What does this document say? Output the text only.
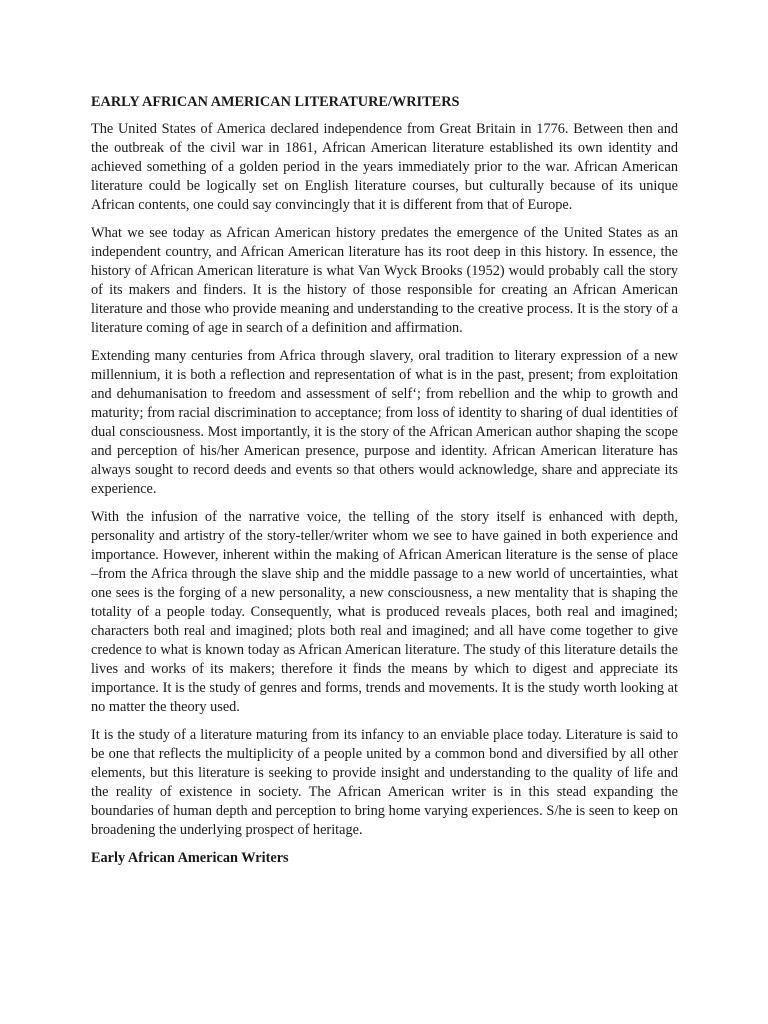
EARLY AFRICAN AMERICAN LITERATURE/WRITERS
The United States of America declared independence from Great Britain in 1776. Between then and the outbreak of the civil war in 1861, African American literature established its own identity and achieved something of a golden period in the years immediately prior to the war. African American literature could be logically set on English literature courses, but culturally because of its unique African contents, one could say convincingly that it is different from that of Europe.
What we see today as African American history predates the emergence of the United States as an independent country, and African American literature has its root deep in this history. In essence, the history of African American literature is what Van Wyck Brooks (1952) would probably call the story of its makers and finders. It is the history of those responsible for creating an African American literature and those who provide meaning and understanding to the creative process. It is the story of a literature coming of age in search of a definition and affirmation.
Extending many centuries from Africa through slavery, oral tradition to literary expression of a new millennium, it is both a reflection and representation of what is in the past, present; from exploitation and dehumanisation to freedom and assessment of self‘; from rebellion and the whip to growth and maturity; from racial discrimination to acceptance; from loss of identity to sharing of dual identities of dual consciousness. Most importantly, it is the story of the African American author shaping the scope and perception of his/her American presence, purpose and identity. African American literature has always sought to record deeds and events so that others would acknowledge, share and appreciate its experience.
With the infusion of the narrative voice, the telling of the story itself is enhanced with depth, personality and artistry of the story-teller/writer whom we see to have gained in both experience and importance. However, inherent within the making of African American literature is the sense of place –from the Africa through the slave ship and the middle passage to a new world of uncertainties, what one sees is the forging of a new personality, a new consciousness, a new mentality that is shaping the totality of a people today. Consequently, what is produced reveals places, both real and imagined; characters both real and imagined; plots both real and imagined; and all have come together to give credence to what is known today as African American literature. The study of this literature details the lives and works of its makers; therefore it finds the means by which to digest and appreciate its importance. It is the study of genres and forms, trends and movements. It is the study worth looking at no matter the theory used.
It is the study of a literature maturing from its infancy to an enviable place today. Literature is said to be one that reflects the multiplicity of a people united by a common bond and diversified by all other elements, but this literature is seeking to provide insight and understanding to the quality of life and the reality of existence in society. The African American writer is in this stead expanding the boundaries of human depth and perception to bring home varying experiences. S/he is seen to keep on broadening the underlying prospect of heritage.
Early African American Writers
